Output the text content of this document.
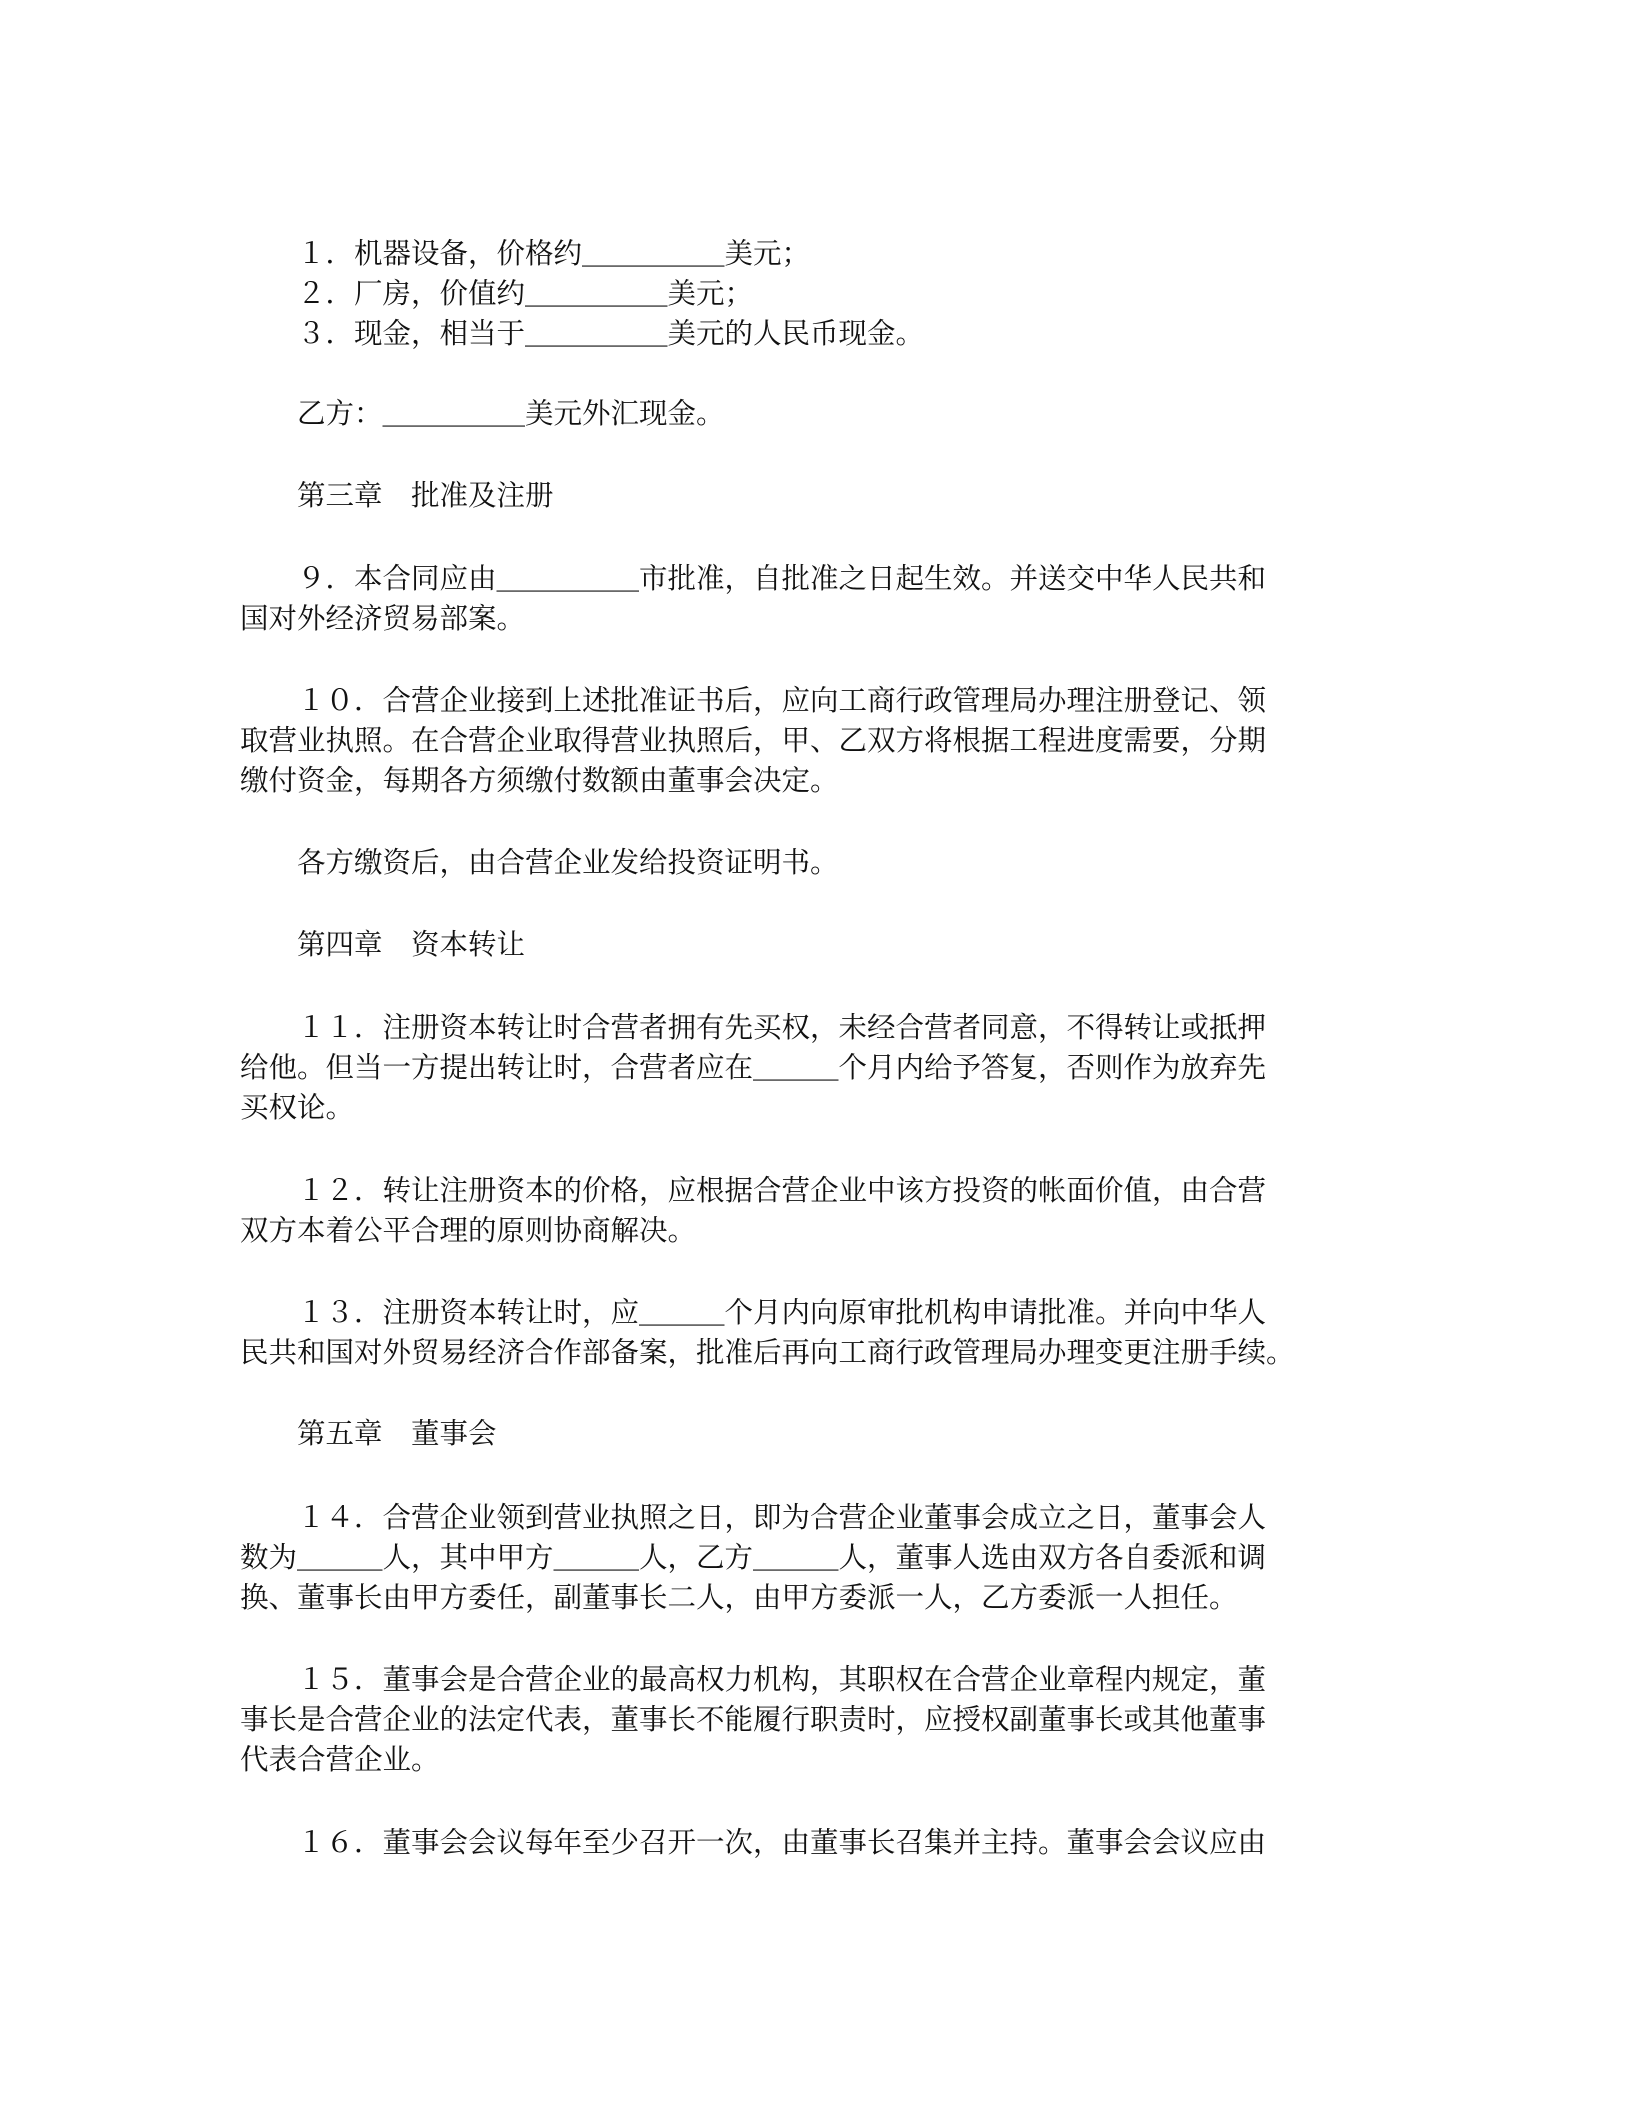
　　１．机器设备，价格约＿＿＿＿＿美元；
　　２．厂房，价值约＿＿＿＿＿美元；
　　３．现金，相当于＿＿＿＿＿美元的人民币现金。
　　乙方：＿＿＿＿＿美元外汇现金。
　　第三章　批准及注册
　　９．本合同应由＿＿＿＿＿市批准，自批准之日起生效。并送交中华人民共和
国对外经济贸易部案。
　　１０．合营企业接到上述批准证书后，应向工商行政管理局办理注册登记、领
取营业执照。在合营企业取得营业执照后，甲、乙双方将根据工程进度需要，分期
缴付资金，每期各方须缴付数额由董事会决定。
　　各方缴资后，由合营企业发给投资证明书。
　　第四章　资本转让
　　１１．注册资本转让时合营者拥有先买权，未经合营者同意，不得转让或抵押
给他。但当一方提出转让时，合营者应在＿＿＿个月内给予答复，否则作为放弃先
买权论。
　　１２．转让注册资本的价格，应根据合营企业中该方投资的帐面价值，由合营
双方本着公平合理的原则协商解决。
　　１３．注册资本转让时，应＿＿＿个月内向原审批机构申请批准。并向中华人
民共和国对外贸易经济合作部备案，批准后再向工商行政管理局办理变更注册手续。
　　第五章　董事会
　　１４．合营企业领到营业执照之日，即为合营企业董事会成立之日，董事会人
数为＿＿＿人，其中甲方＿＿＿人，乙方＿＿＿人，董事人选由双方各自委派和调
换、董事长由甲方委任，副董事长二人，由甲方委派一人，乙方委派一人担任。
　　１５．董事会是合营企业的最高权力机构，其职权在合营企业章程内规定，董
事长是合营企业的法定代表，董事长不能履行职责时，应授权副董事长或其他董事
代表合营企业。
　　１６．董事会会议每年至少召开一次，由董事长召集并主持。董事会会议应由
